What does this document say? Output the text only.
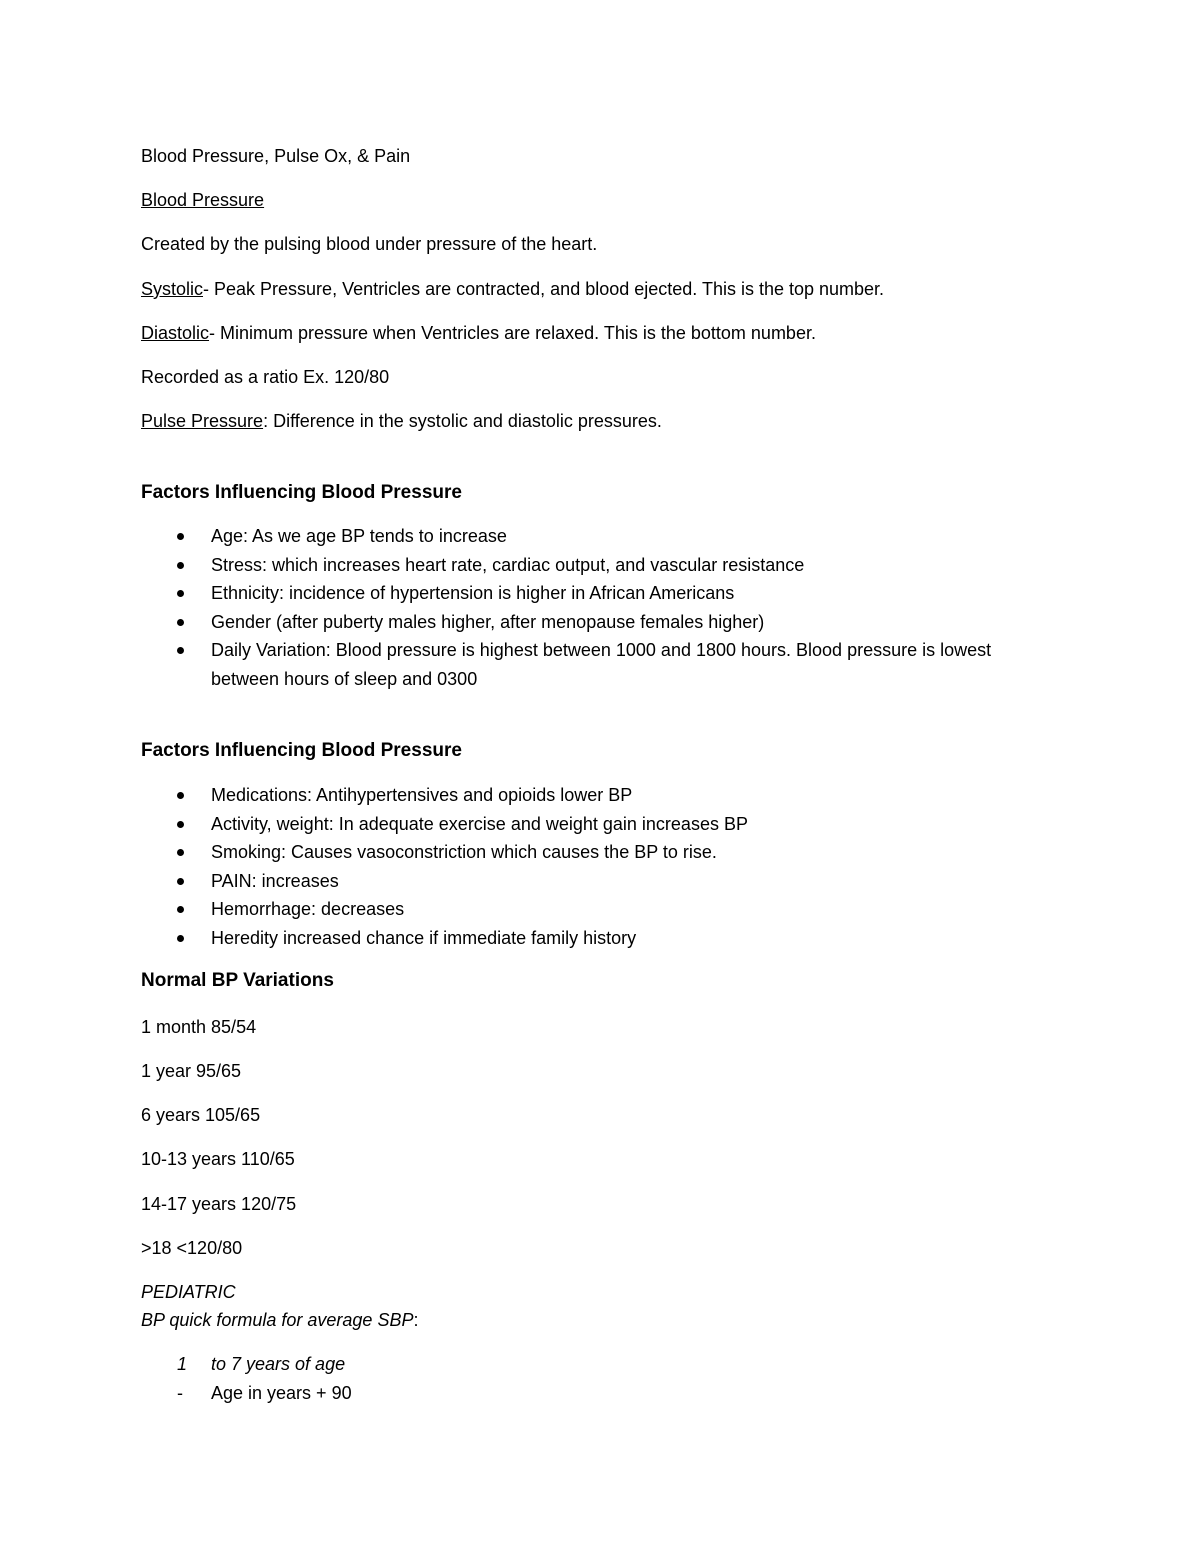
Blood Pressure, Pulse Ox, & Pain
Blood Pressure
Created by the pulsing blood under pressure of the heart.
Systolic- Peak Pressure, Ventricles are contracted, and blood ejected. This is the top number.
Diastolic- Minimum pressure when Ventricles are relaxed. This is the bottom number.
Recorded as a ratio Ex. 120/80
Pulse Pressure: Difference in the systolic and diastolic pressures.
Factors Influencing Blood Pressure
Age: As we age BP tends to increase
Stress: which increases heart rate, cardiac output, and vascular resistance
Ethnicity: incidence of hypertension is higher in African Americans
Gender (after puberty males higher, after menopause females higher)
Daily Variation: Blood pressure is highest between 1000 and 1800 hours. Blood pressure is lowest between hours of sleep and 0300
Factors Influencing Blood Pressure
Medications: Antihypertensives and opioids lower BP
Activity, weight: In adequate exercise and weight gain increases BP
Smoking: Causes vasoconstriction which causes the BP to rise.
PAIN: increases
Hemorrhage: decreases
Heredity increased chance if immediate family history
Normal BP Variations
1 month 85/54
1 year 95/65
6 years 105/65
10-13 years 110/65
14-17 years 120/75
>18 <120/80
PEDIATRIC
BP quick formula for average SBP:
1 to 7 years of age
- Age in years + 90
